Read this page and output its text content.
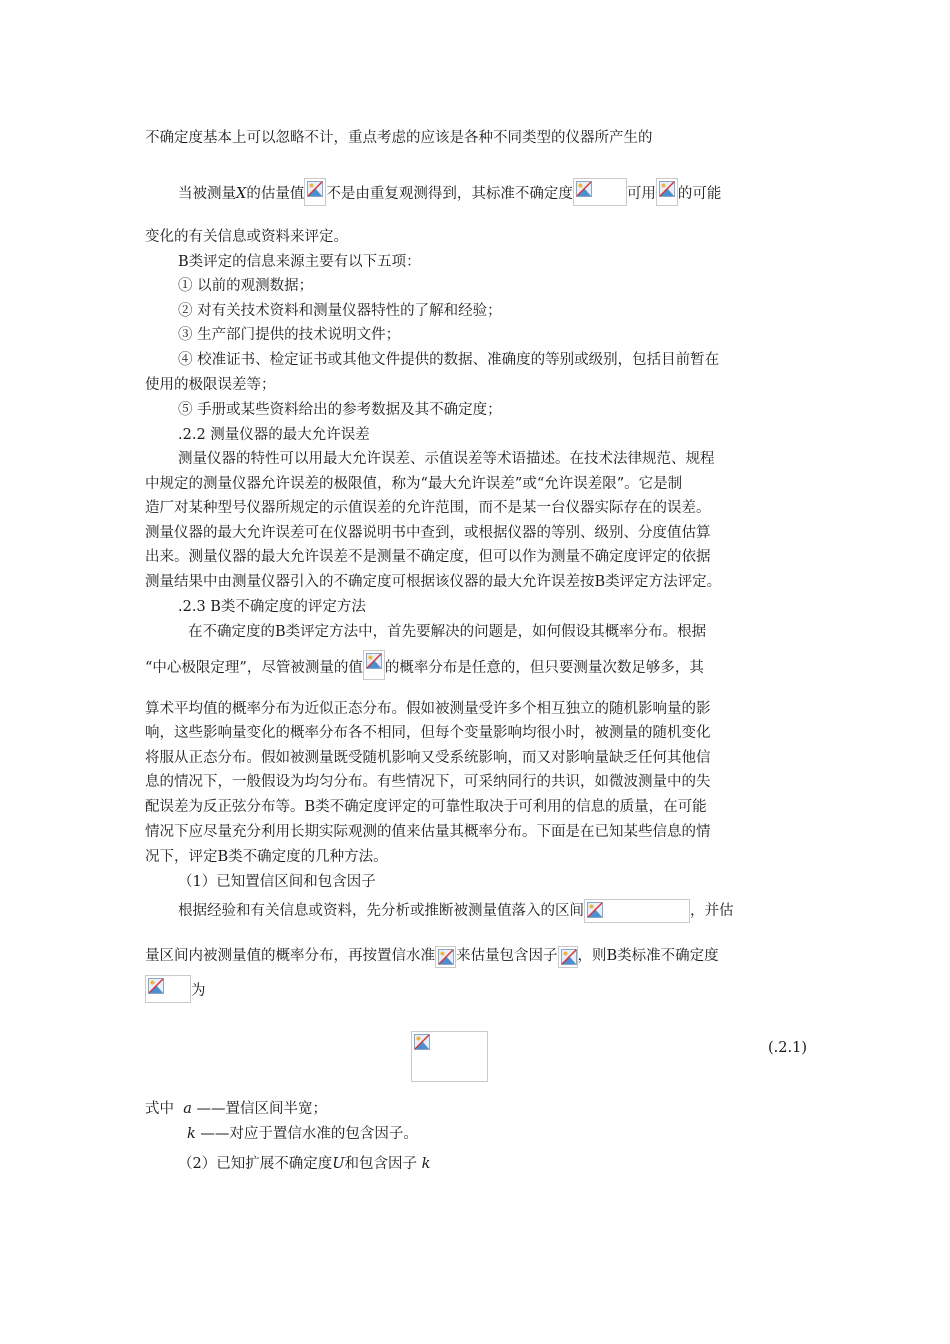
不确定度基本上可以忽略不计，重点考虑的应该是各种不同类型的仪器所产生的
当被测量X的估量值 不是由重复观测得到，其标准不确定度	可用 的可能
变化的有关信息或资料来评定。
B类评定的信息来源主要有以下五项：
① 以前的观测数据；
② 对有关技术资料和测量仪器特性的了解和经验；
③ 生产部门提供的技术说明文件；
④ 校准证书、检定证书或其他文件提供的数据、准确度的等别或级别，包括目前暂在
使用的极限误差等；
⑤ 手册或某些资料给出的参考数据及其不确定度；
.2.2 测量仪器的最大允许误差
测量仪器的特性可以用最大允许误差、示值误差等术语描述。在技术法律规范、规程
中规定的测量仪器允许误差的极限值，称为“最大允许误差”或“允许误差限”。它是制
造厂对某种型号仪器所规定的示值误差的允许范围，而不是某一台仪器实际存在的误差。
测量仪器的最大允许误差可在仪器说明书中查到，或根据仪器的等别、级别、分度值估算
出来。测量仪器的最大允许误差不是测量不确定度，但可以作为测量不确定度评定的依据
测量结果中由测量仪器引入的不确定度可根据该仪器的最大允许误差按B类评定方法评定。
.2.3 B类不确定度的评定方法
在不确定度的B类评定方法中，首先要解决的问题是，如何假设其概率分布。根据
“中心极限定理”，尽管被测量的值 的概率分布是任意的，但只要测量次数足够多，其
算术平均值的概率分布为近似正态分布。假如被测量受许多个相互独立的随机影响量的影
响，这些影响量变化的概率分布各不相同，但每个变量影响均很小时，被测量的随机变化
将服从正态分布。假如被测量既受随机影响又受系统影响，而又对影响量缺乏任何其他信
息的情况下，一般假设为均匀分布。有些情况下，可采纳同行的共识，如微波测量中的失
配误差为反正弦分布等。B类不确定度评定的可靠性取决于可利用的信息的质量，在可能
情况下应尽量充分利用长期实际观测的值来估量其概率分布。下面是在已知某些信息的情
况下，评定B类不确定度的几种方法。
（1）已知置信区间和包含因子
根据经验和有关信息或资料，先分析或推断被测量值落入的区间	，并估
量区间内被测量值的概率分布，再按置信水准 来估量包含因子 ，则B类标准不确定度
为
(.2.1)
式中 a ——置信区间半宽；
k ——对应于置信水准的包含因子。
（2）已知扩展不确定度U和包含因子 k
